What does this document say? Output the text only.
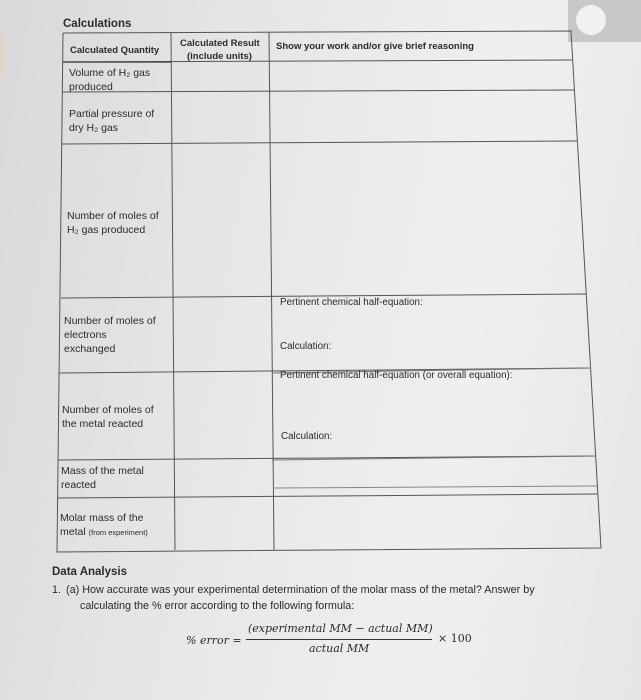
Calculations
Calculated Quantity
Calculated Result
(include units)
Show your work and/or give brief reasoning
Volume of H₂ gas
produced
Partial pressure of
dry H₂ gas
Number of moles of
H₂ gas produced
Number of moles of
electrons
exchanged
Number of moles of
the metal reacted
Mass of the metal
reacted
Molar mass of the
metal (from experiment)
Pertinent chemical half-equation:
Calculation:
Pertinent chemical half-equation (or overall equation):
Calculation:
Data Analysis
1. (a) How accurate was your experimental determination of the molar mass of the metal? Answer by
calculating the % error according to the following formula:
% error =
(experimental MM − actual MM)
actual MM
× 100
